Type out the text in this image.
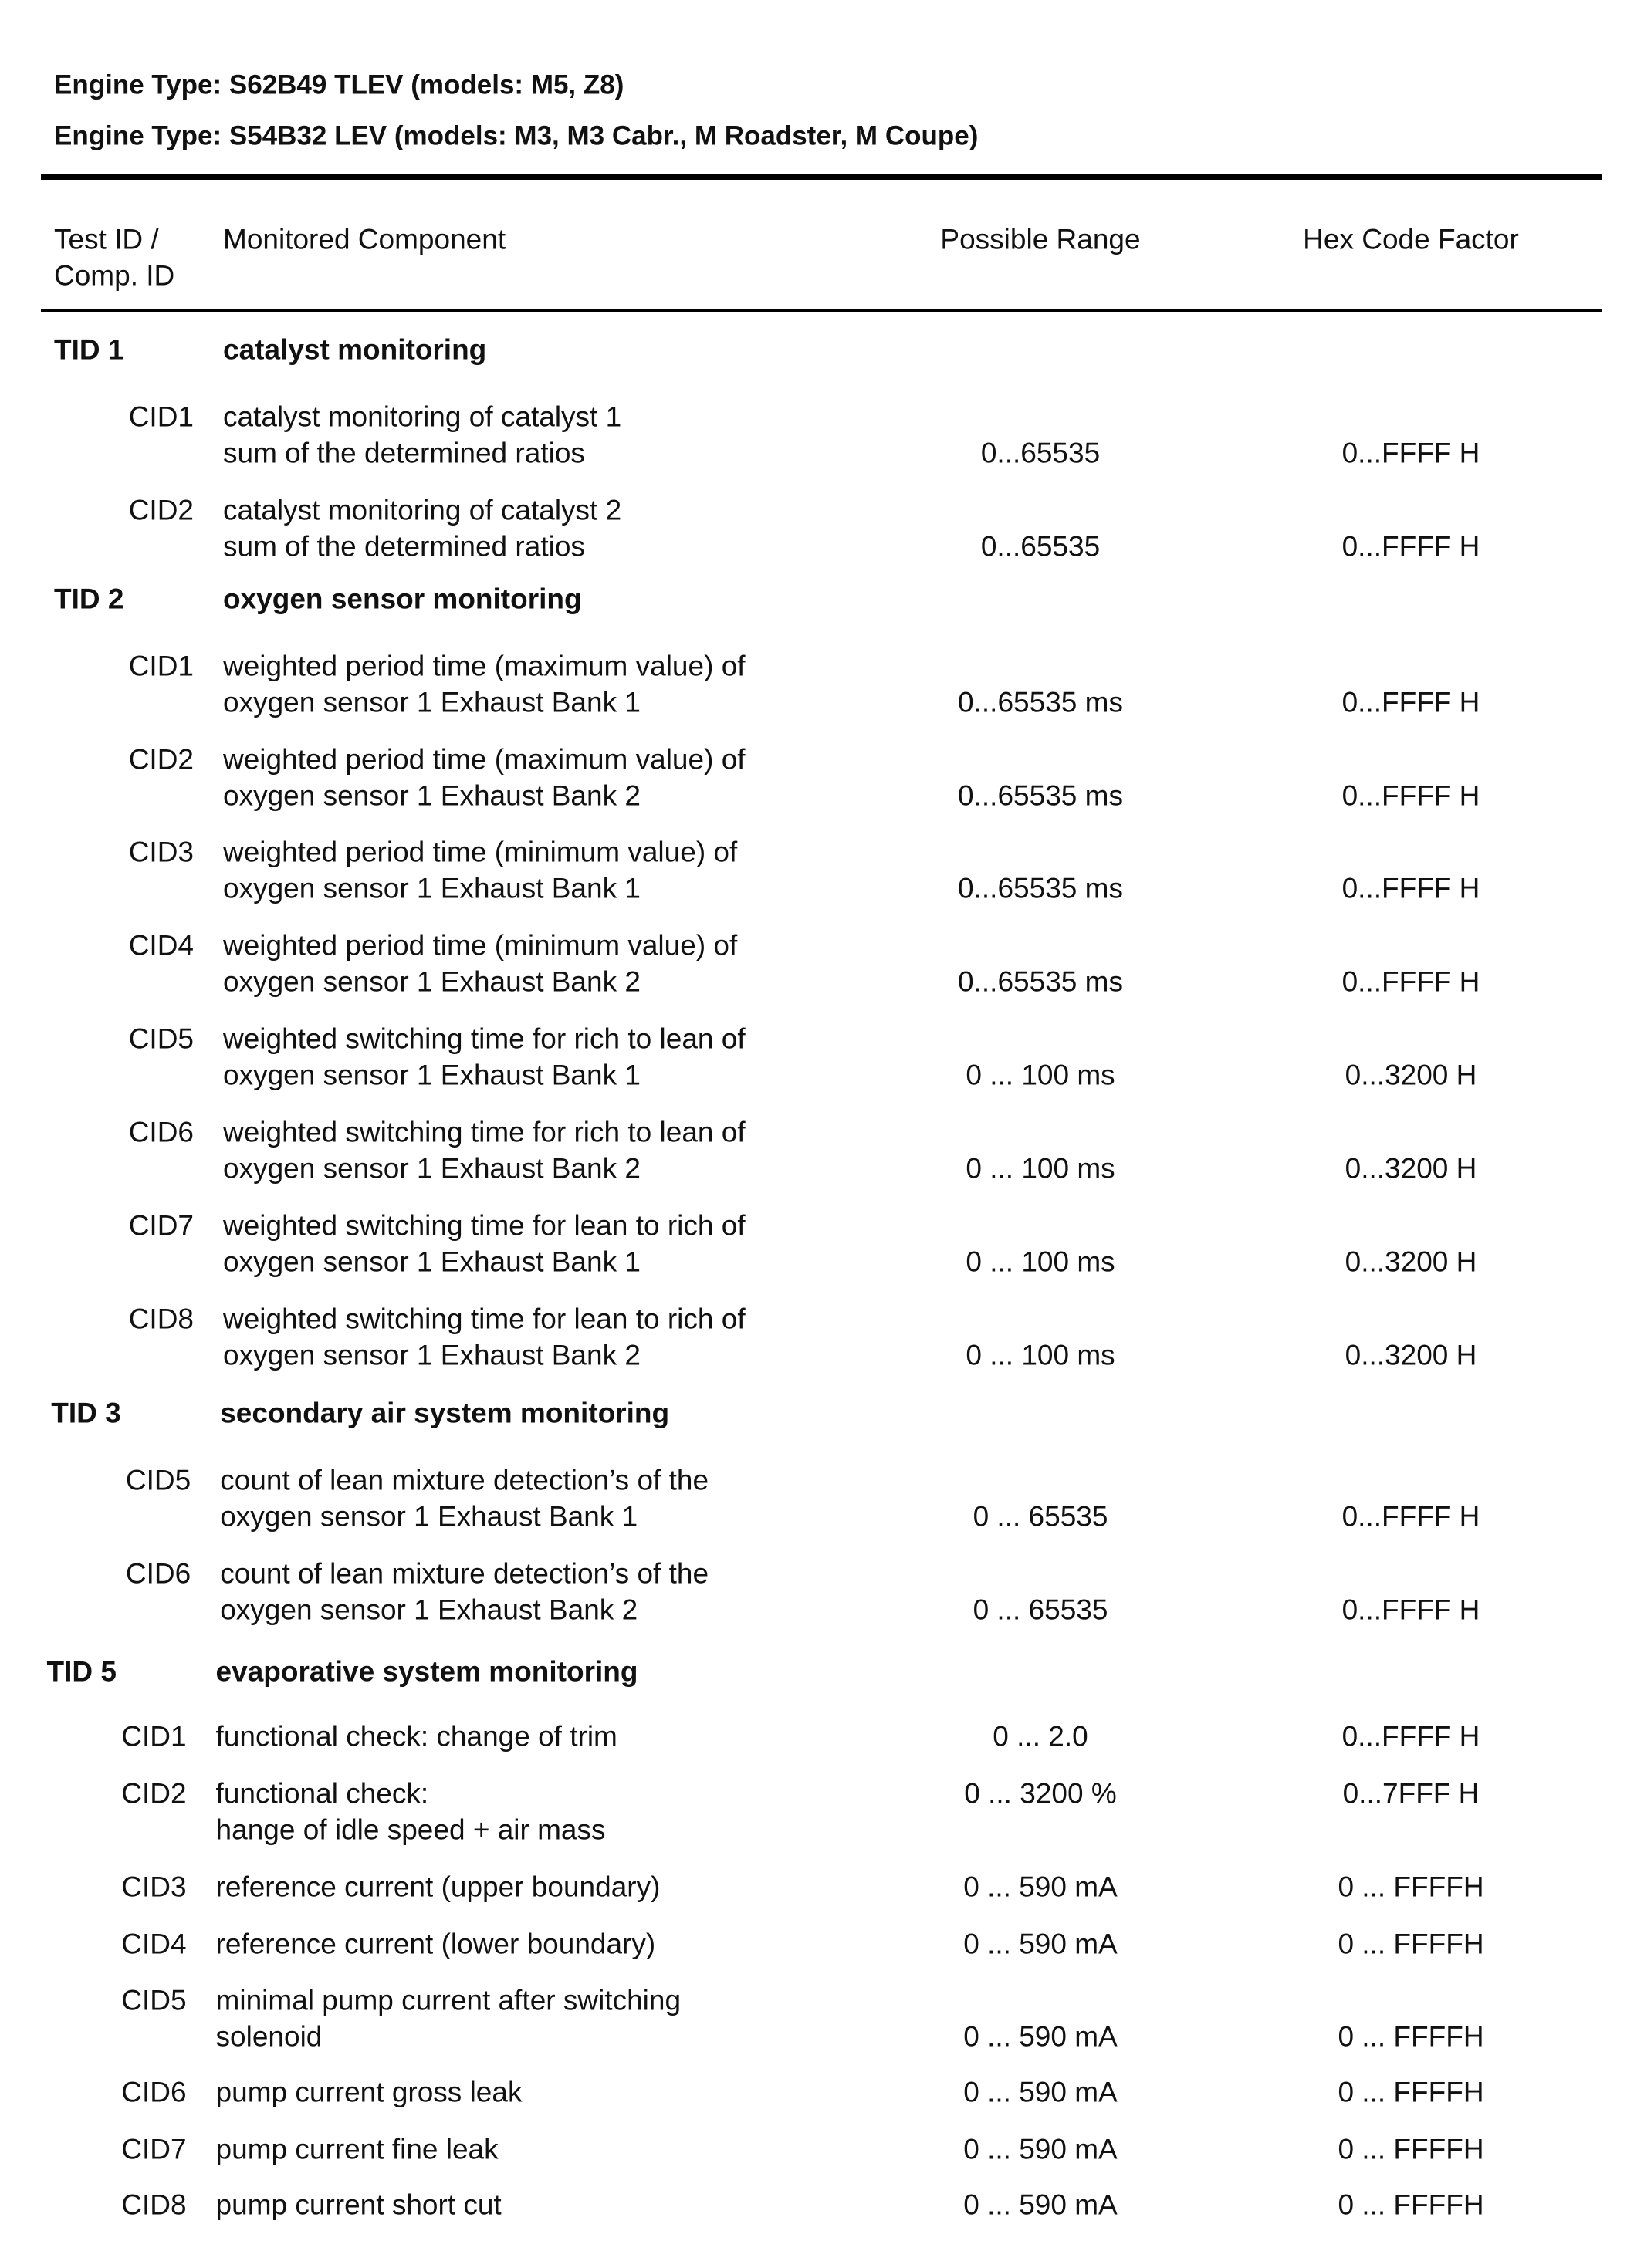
Engine Type: S62B49 TLEV (models: M5, Z8)
Engine Type: S54B32 LEV (models: M3, M3 Cabr., M Roadster, M Coupe)
Test ID /
Comp. ID
Monitored Component	Possible Range	Hex Code Factor
TID 1	catalyst monitoring
CID1 catalyst monitoring of catalyst 1
sum of the determined ratios	0...65535	0...FFFF H
CID2 catalyst monitoring of catalyst 2
sum of the determined ratios	0...65535	0...FFFF H
TID 2	oxygen sensor monitoring
CID1 weighted period time (maximum value) of
oxygen sensor 1 Exhaust Bank 1	0...65535 ms	0...FFFF H
CID2 weighted period time (maximum value) of
oxygen sensor 1 Exhaust Bank 2	0...65535 ms	0...FFFF H
CID3 weighted period time (minimum value) of
oxygen sensor 1 Exhaust Bank 1	0...65535 ms	0...FFFF H
CID4 weighted period time (minimum value) of
oxygen sensor 1 Exhaust Bank 2	0...65535 ms	0...FFFF H
CID5 weighted switching time for rich to lean of
oxygen sensor 1 Exhaust Bank 1	0 ... 100 ms	0...3200 H
CID6 weighted switching time for rich to lean of
oxygen sensor 1 Exhaust Bank 2	0 ... 100 ms	0...3200 H
CID7 weighted switching time for lean to rich of
oxygen sensor 1 Exhaust Bank 1	0 ... 100 ms	0...3200 H
CID8 weighted switching time for lean to rich of
oxygen sensor 1 Exhaust Bank 2	0 ... 100 ms	0...3200 H
TID 3	secondary air system monitoring
CID5 count of lean mixture detection’s of the
oxygen sensor 1 Exhaust Bank 1	0 ... 65535	0...FFFF H
CID6 count of lean mixture detection’s of the
oxygen sensor 1 Exhaust Bank 2	0 ... 65535	0...FFFF H
TID 5	evaporative system monitoring
CID1 functional check: change of trim	0 ... 2.0	0...FFFF H
CID2 functional check:
hange of idle speed + air mass
0 ... 3200 %	0...7FFF H
CID3 reference current (upper boundary)	0 ... 590 mA	0 ... FFFFH
CID4 reference current (lower boundary)	0 ... 590 mA	0 ... FFFFH
CID5 minimal pump current after switching
solenoid	0 ... 590 mA	0 ... FFFFH
CID6 pump current gross leak	0 ... 590 mA	0 ... FFFFH
CID7 pump current fine leak	0 ... 590 mA	0 ... FFFFH
CID8 pump current short cut	0 ... 590 mA	0 ... FFFFH
